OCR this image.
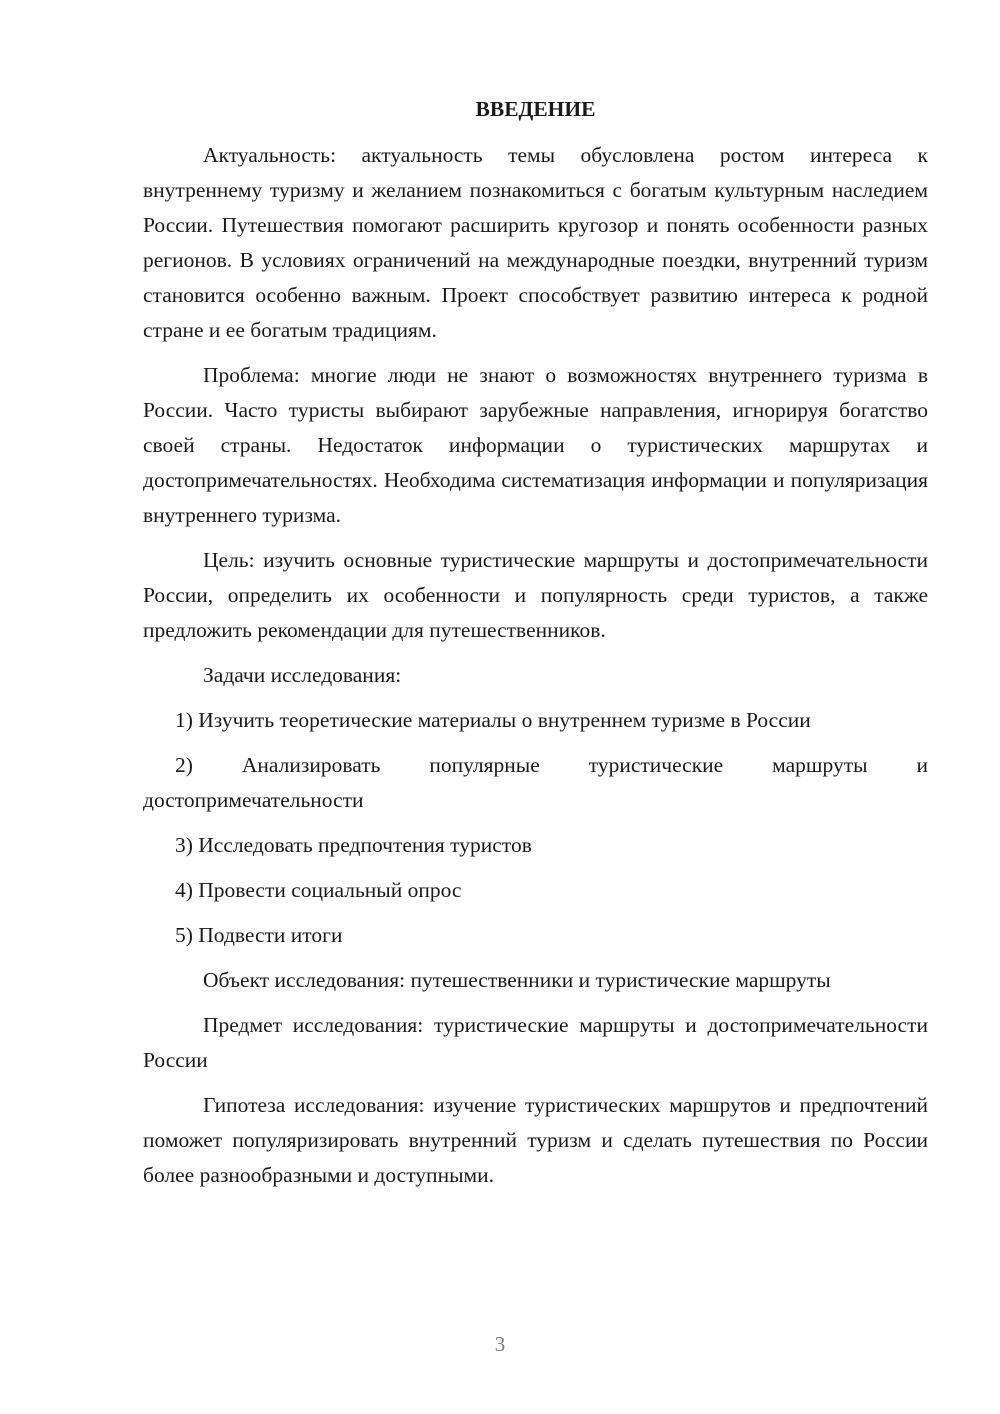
ВВЕДЕНИЕ

Актуальность: актуальность темы обусловлена ростом интереса к внутреннему туризму и желанием познакомиться с богатым культурным наследием России. Путешествия помогают расширить кругозор и понять особенности разных регионов. В условиях ограничений на международные поездки, внутренний туризм становится особенно важным. Проект способствует развитию интереса к родной стране и ее богатым традициям.

Проблема: многие люди не знают о возможностях внутреннего туризма в России. Часто туристы выбирают зарубежные направления, игнорируя богатство своей страны. Недостаток информации о туристических маршрутах и достопримечательностях. Необходима систематизация информации и популяризация внутреннего туризма.

Цель: изучить основные туристические маршруты и достопримечательности России, определить их особенности и популярность среди туристов, а также предложить рекомендации для путешественников.

Задачи исследования:

1) Изучить теоретические материалы о внутреннем туризме в России

2) Анализировать популярные туристические маршруты и достопримечательности

3) Исследовать предпочтения туристов

4) Провести социальный опрос

5) Подвести итоги

Объект исследования: путешественники и туристические маршруты

Предмет исследования: туристические маршруты и достопримечательности России

Гипотеза исследования: изучение туристических маршрутов и предпочтений поможет популяризировать внутренний туризм и сделать путешествия по России более разнообразными и доступными.

3
